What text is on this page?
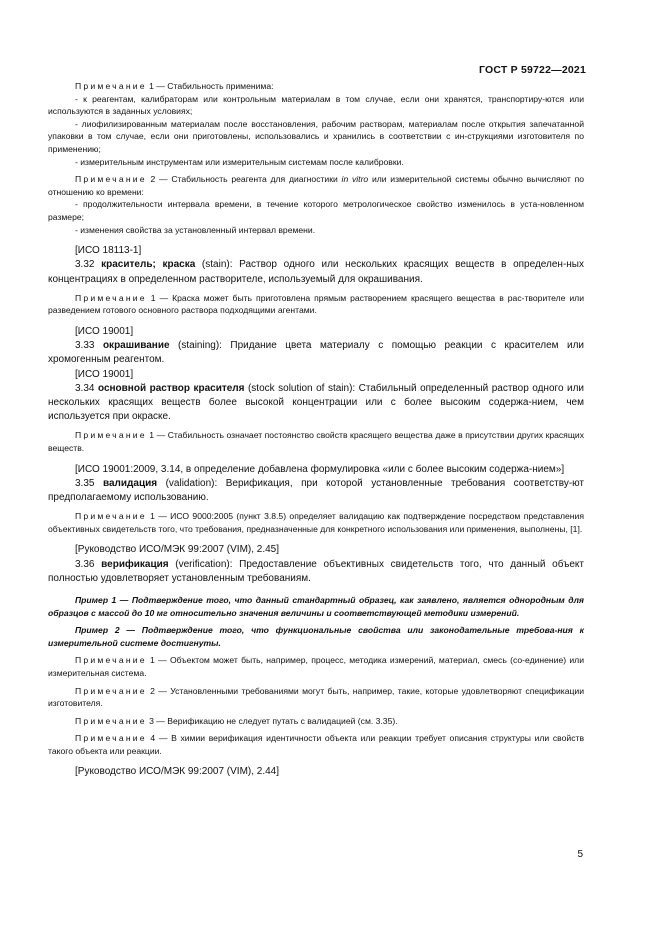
ГОСТ Р 59722—2021

Примечание 1 — Стабильность применима:

- к реагентам, калибраторам или контрольным материалам в том случае, если они хранятся, транспортиру-ются или используются в заданных условиях;

- лиофилизированным материалам после восстановления, рабочим растворам, материалам после открытия запечатанной упаковки в том случае, если они приготовлены, использовались и хранились в соответствии с ин-струкциями изготовителя по применению;

- измерительным инструментам или измерительным системам после калибровки.

Примечание 2 — Стабильность реагента для диагностики in vitro или измерительной системы обычно вычисляют по отношению ко времени:

- продолжительности интервала времени, в течение которого метрологическое свойство изменилось в уста-новленном размере;

- изменения свойства за установленный интервал времени.

[ИСО 18113-1]

3.32 краситель; краска (stain): Раствор одного или нескольких красящих веществ в определен-ных концентрациях в определенном растворителе, используемый для окрашивания.

Примечание 1 — Краска может быть приготовлена прямым растворением красящего вещества в рас-творителе или разведением готового основного раствора подходящими агентами.

[ИСО 19001]

3.33 окрашивание (staining): Придание цвета материалу с помощью реакции с красителем или хромогенным реагентом.

[ИСО 19001]

3.34 основной раствор красителя (stock solution of stain): Стабильный определенный раствор одного или нескольких красящих веществ более высокой концентрации или с более высоким содержа-нием, чем используется при окраске.

Примечание 1 — Стабильность означает постоянство свойств красящего вещества даже в присутствии других красящих веществ.

[ИСО 19001:2009, 3.14, в определение добавлена формулировка «или с более высоким содержа-нием»]

3.35 валидация (validation): Верификация, при которой установленные требования соответству-ют предполагаемому использованию.

Примечание 1 — ИСО 9000:2005 (пункт 3.8.5) определяет валидацию как подтверждение посредством представления объективных свидетельств того, что требования, предназначенные для конкретного использования или применения, выполнены, [1].

[Руководство ИСО/МЭК 99:2007 (VIM), 2.45]

3.36 верификация (verification): Предоставление объективных свидетельств того, что данный объект полностью удовлетворяет установленным требованиям.

Пример 1 — Подтверждение того, что данный стандартный образец, как заявлено, является однородным для образцов с массой до 10 мг относительно значения величины и соответствующей методики измерений.

Пример 2 — Подтверждение того, что функциональные свойства или законодательные требова-ния к измерительной системе достигнуты.

Примечание 1 — Объектом может быть, например, процесс, методика измерений, материал, смесь (со-единение) или измерительная система.

Примечание 2 — Установленными требованиями могут быть, например, такие, которые удовлетворяют спецификации изготовителя.

Примечание 3 — Верификацию не следует путать с валидацией (см. 3.35).

Примечание 4 — В химии верификация идентичности объекта или реакции требует описания структуры или свойств такого объекта или реакции.

[Руководство ИСО/МЭК 99:2007 (VIM), 2.44]

5
